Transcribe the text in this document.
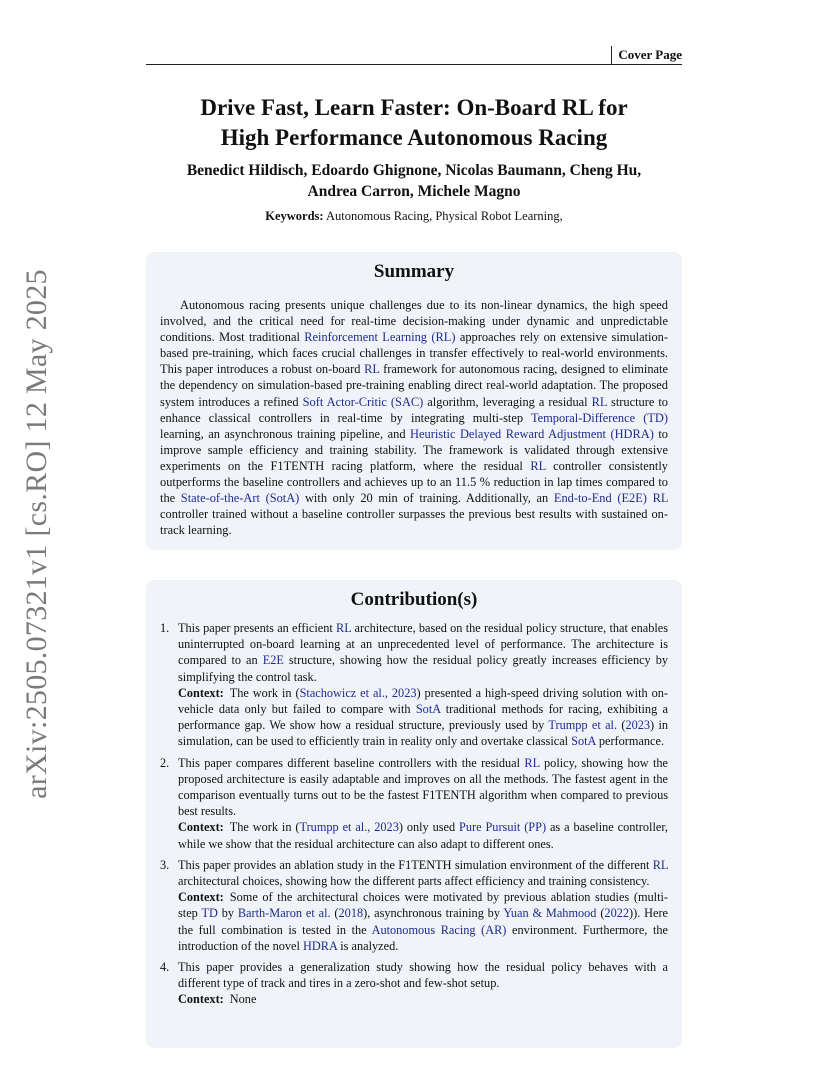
Cover Page
arXiv:2505.07321v1 [cs.RO] 12 May 2025
Drive Fast, Learn Faster: On-Board RL for
High Performance Autonomous Racing
Benedict Hildisch, Edoardo Ghignone, Nicolas Baumann, Cheng Hu,
Andrea Carron, Michele Magno
Keywords: Autonomous Racing, Physical Robot Learning,
Summary
Autonomous racing presents unique challenges due to its non-linear dynamics, the high speed involved, and the critical need for real-time decision-making under dynamic and unpredictable conditions. Most traditional Reinforcement Learning (RL) approaches rely on extensive simulation-based pre-training, which faces crucial challenges in transfer effectively to real-world environments. This paper introduces a robust on-board RL framework for autonomous racing, designed to eliminate the dependency on simulation-based pre-training enabling direct real-world adaptation. The proposed system introduces a refined Soft Actor-Critic (SAC) algorithm, leveraging a residual RL structure to enhance classical controllers in real-time by integrating multi-step Temporal-Difference (TD) learning, an asynchronous training pipeline, and Heuristic Delayed Reward Adjustment (HDRA) to improve sample efficiency and training stability. The framework is validated through extensive experiments on the F1TENTH racing platform, where the residual RL controller consistently outperforms the baseline controllers and achieves up to an 11.5 % reduction in lap times compared to the State-of-the-Art (SotA) with only 20 min of training. Additionally, an End-to-End (E2E) RL controller trained without a baseline controller surpasses the previous best results with sustained on-track learning.
Contribution(s)
1. This paper presents an efficient RL architecture, based on the residual policy structure, that enables uninterrupted on-board learning at an unprecedented level of performance. The architecture is compared to an E2E structure, showing how the residual policy greatly increases efficiency by simplifying the control task.
Context: The work in (Stachowicz et al., 2023) presented a high-speed driving solution with on-vehicle data only but failed to compare with SotA traditional methods for racing, exhibiting a performance gap. We show how a residual structure, previously used by Trumpp et al. (2023) in simulation, can be used to efficiently train in reality only and overtake classical SotA performance.
2. This paper compares different baseline controllers with the residual RL policy, showing how the proposed architecture is easily adaptable and improves on all the methods. The fastest agent in the comparison eventually turns out to be the fastest F1TENTH algorithm when compared to previous best results.
Context: The work in (Trumpp et al., 2023) only used Pure Pursuit (PP) as a baseline controller, while we show that the residual architecture can also adapt to different ones.
3. This paper provides an ablation study in the F1TENTH simulation environment of the different RL architectural choices, showing how the different parts affect efficiency and training consistency.
Context: Some of the architectural choices were motivated by previous ablation studies (multi-step TD by Barth-Maron et al. (2018), asynchronous training by Yuan & Mahmood (2022)). Here the full combination is tested in the Autonomous Racing (AR) environment. Furthermore, the introduction of the novel HDRA is analyzed.
4. This paper provides a generalization study showing how the residual policy behaves with a different type of track and tires in a zero-shot and few-shot setup.
Context: None
